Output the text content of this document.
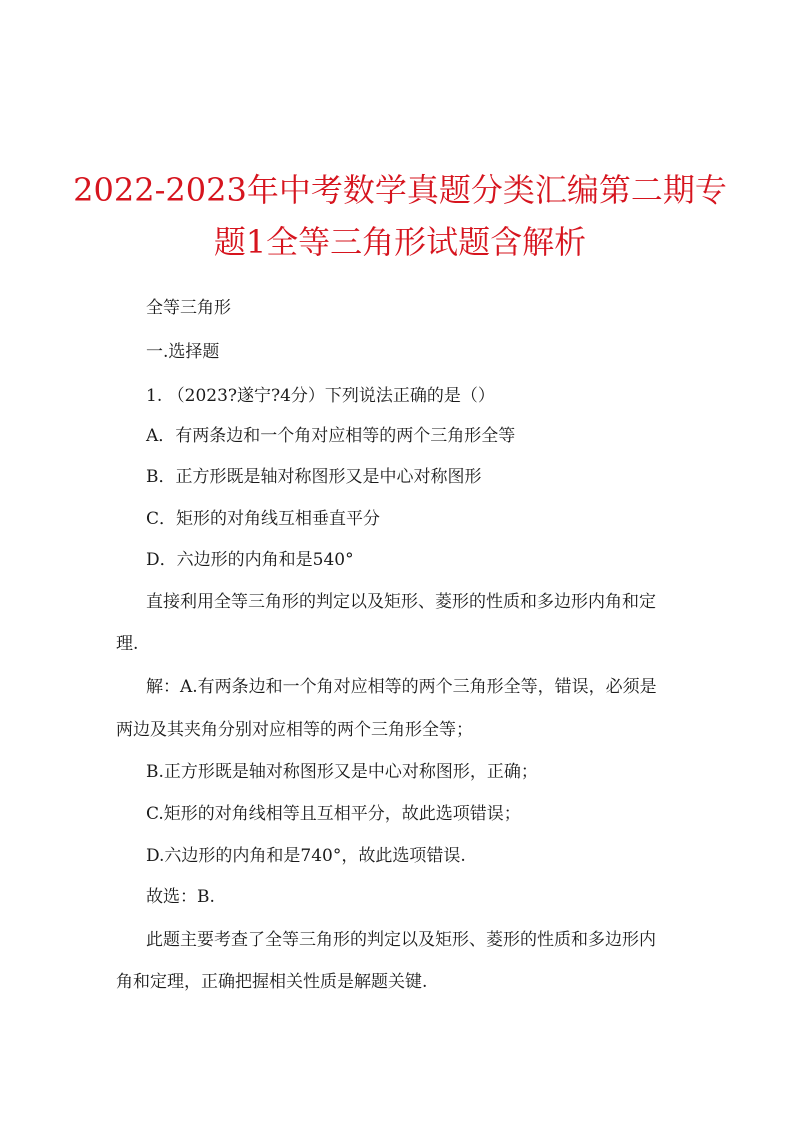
2022-2023年中考数学真题分类汇编第二期专
题1全等三角形试题含解析
全等三角形
一.选择题
1. （2023?遂宁?4分）下列说法正确的是（）
A．有两条边和一个角对应相等的两个三角形全等
B．正方形既是轴对称图形又是中心对称图形
C．矩形的对角线互相垂直平分
D．六边形的内角和是540°
直接利用全等三角形的判定以及矩形、菱形的性质和多边形内角和定
理.
解：A.有两条边和一个角对应相等的两个三角形全等，错误，必须是
两边及其夹角分别对应相等的两个三角形全等；
B.正方形既是轴对称图形又是中心对称图形，正确；
C.矩形的对角线相等且互相平分，故此选项错误；
D.六边形的内角和是740°，故此选项错误.
故选：B.
此题主要考查了全等三角形的判定以及矩形、菱形的性质和多边形内
角和定理，正确把握相关性质是解题关键.
